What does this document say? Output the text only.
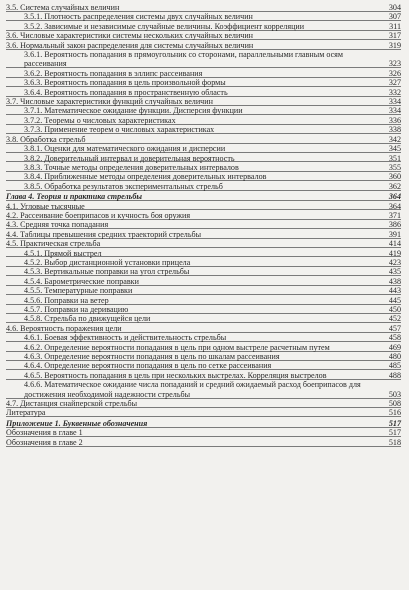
3.5. Система случайных величин	304
3.5.1. Плотность распределения системы двух случайных величин	307
3.5.2. Зависимые и независимые случайные величины. Коэффициент корреляции	311
3.6. Числовые характеристики системы нескольких случайных величин	317
3.6. Нормальный закон распределения для системы случайных величин	319
3.6.1. Вероятность попадания в прямоугольник со сторонами, параллельными главным осям рассеивания	323
3.6.2. Вероятность попадания в эллипс рассеивания	326
3.6.3. Вероятность попадания в цель произвольной формы	327
3.6.4. Вероятность попадания в пространственную область	332
3.7. Числовые характеристики функций случайных величин	334
3.7.1. Математическое ожидание функции. Дисперсия функции	334
3.7.2. Теоремы о числовых характеристиках	336
3.7.3. Применение теорем о числовых характеристиках	338
3.8. Обработка стрельб	342
3.8.1. Оценки для математического ожидания и дисперсии	345
3.8.2. Доверительный интервал и доверительная вероятность	351
3.8.3. Точные методы определения доверительных интервалов	355
3.8.4. Приближенные методы определения доверительных интервалов	360
3.8.5. Обработка результатов экспериментальных стрельб	362
Глава 4. Теория и практика стрельбы	364
4.1. Угловые тысячные	364
4.2. Рассеивание боеприпасов и кучность боя оружия	371
4.3. Средняя точка попадания	386
4.4. Таблицы превышения средних траекторий стрельбы	391
4.5. Практическая стрельба	414
4.5.1. Прямой выстрел	419
4.5.2. Выбор дистанционной установки прицела	423
4.5.3. Вертикальные поправки на угол стрельбы	435
4.5.4. Барометрические поправки	438
4.5.5. Температурные поправки	443
4.5.6. Поправки на ветер	445
4.5.7. Поправки на деривацию	450
4.5.8. Стрельба по движущейся цели	452
4.6. Вероятность поражения цели	457
4.6.1. Боевая эффективность и действительность стрельбы	458
4.6.2. Определение вероятности попадания в цель при одном выстреле расчетным путем	469
4.6.3. Определение вероятности попадания в цель по шкалам рассеивания	480
4.6.4. Определение вероятности попадания в цель по сетке рассеивания	485
4.6.5. Вероятность попадания в цель при нескольких выстрелах. Корреляция выстрелов	488
4.6.6. Математическое ожидание числа попаданий и средний ожидаемый расход боеприпасов для достижения необходимой надежности стрельбы	503
4.7. Дистанция снайперской стрельбы	508
Литература	516
Приложение 1. Буквенные обозначения	517
Обозначения в главе 1	517
Обозначения в главе 2	518
